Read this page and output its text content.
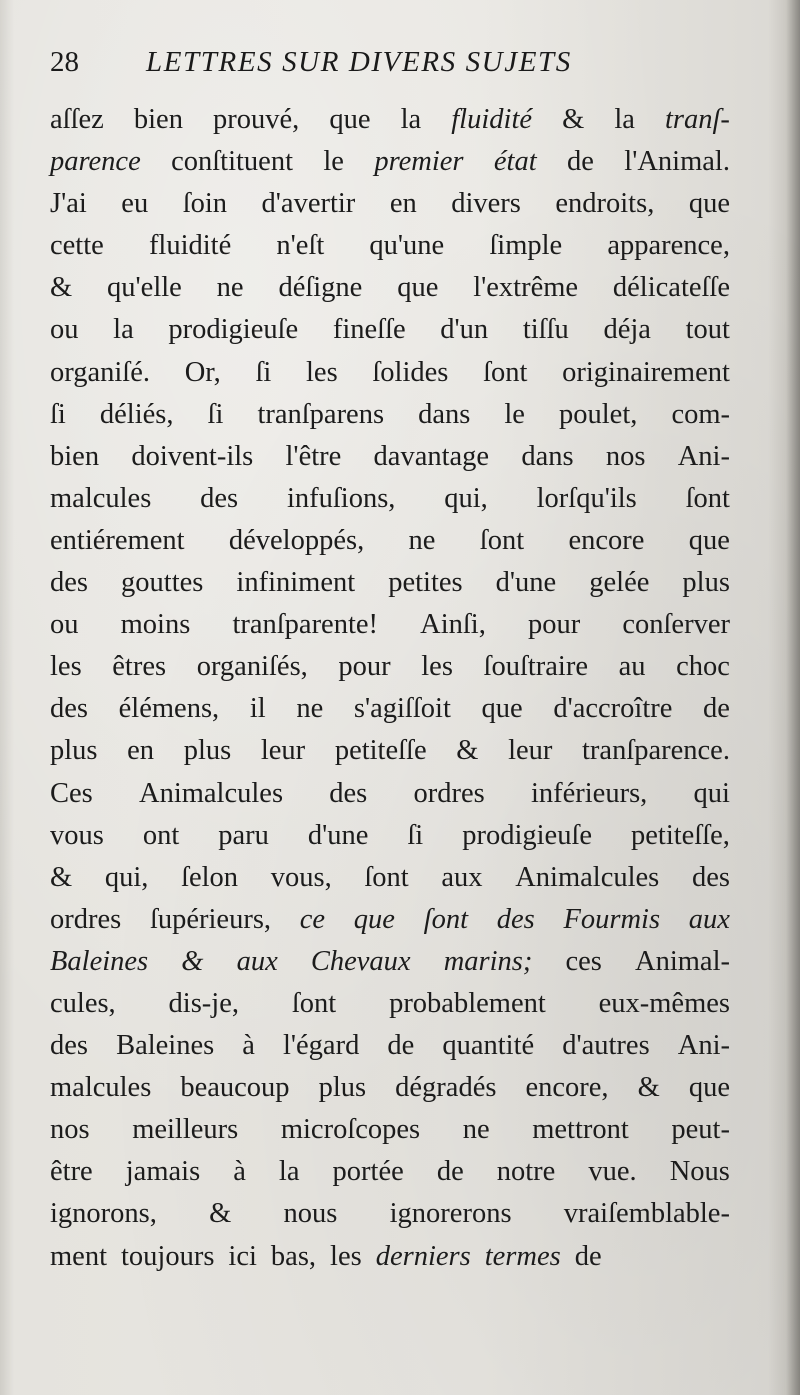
28 LETTRES SUR DIVERS SUJETS
aſſez bien prouvé, que la fluidité & la tranſ-
parence conſtituent le premier état de l'Animal.
J'ai eu ſoin d'avertir en divers endroits, que
cette fluidité n'eſt qu'une ſimple apparence,
& qu'elle ne déſigne que l'extrême délicateſſe
ou la prodigieuſe fineſſe d'un tiſſu déja tout
organiſé. Or, ſi les ſolides ſont originairement
ſi déliés, ſi tranſparens dans le poulet, com-
bien doivent-ils l'être davantage dans nos Ani-
malcules des infuſions, qui, lorſqu'ils ſont
entiérement développés, ne ſont encore que
des gouttes infiniment petites d'une gelée plus
ou moins tranſparente! Ainſi, pour conſerver
les êtres organiſés, pour les ſouſtraire au choc
des élémens, il ne s'agiſſoit que d'accroître de
plus en plus leur petiteſſe & leur tranſparence.
Ces Animalcules des ordres inférieurs, qui
vous ont paru d'une ſi prodigieuſe petiteſſe,
& qui, ſelon vous, ſont aux Animalcules des
ordres ſupérieurs, ce que ſont des Fourmis aux
Baleines & aux Chevaux marins; ces Animal-
cules, dis-je, ſont probablement eux-mêmes
des Baleines à l'égard de quantité d'autres Ani-
malcules beaucoup plus dégradés encore, & que
nos meilleurs microſcopes ne mettront peut-
être jamais à la portée de notre vue. Nous
ignorons, & nous ignorerons vraiſemblable-
ment toujours ici bas, les derniers termes de
